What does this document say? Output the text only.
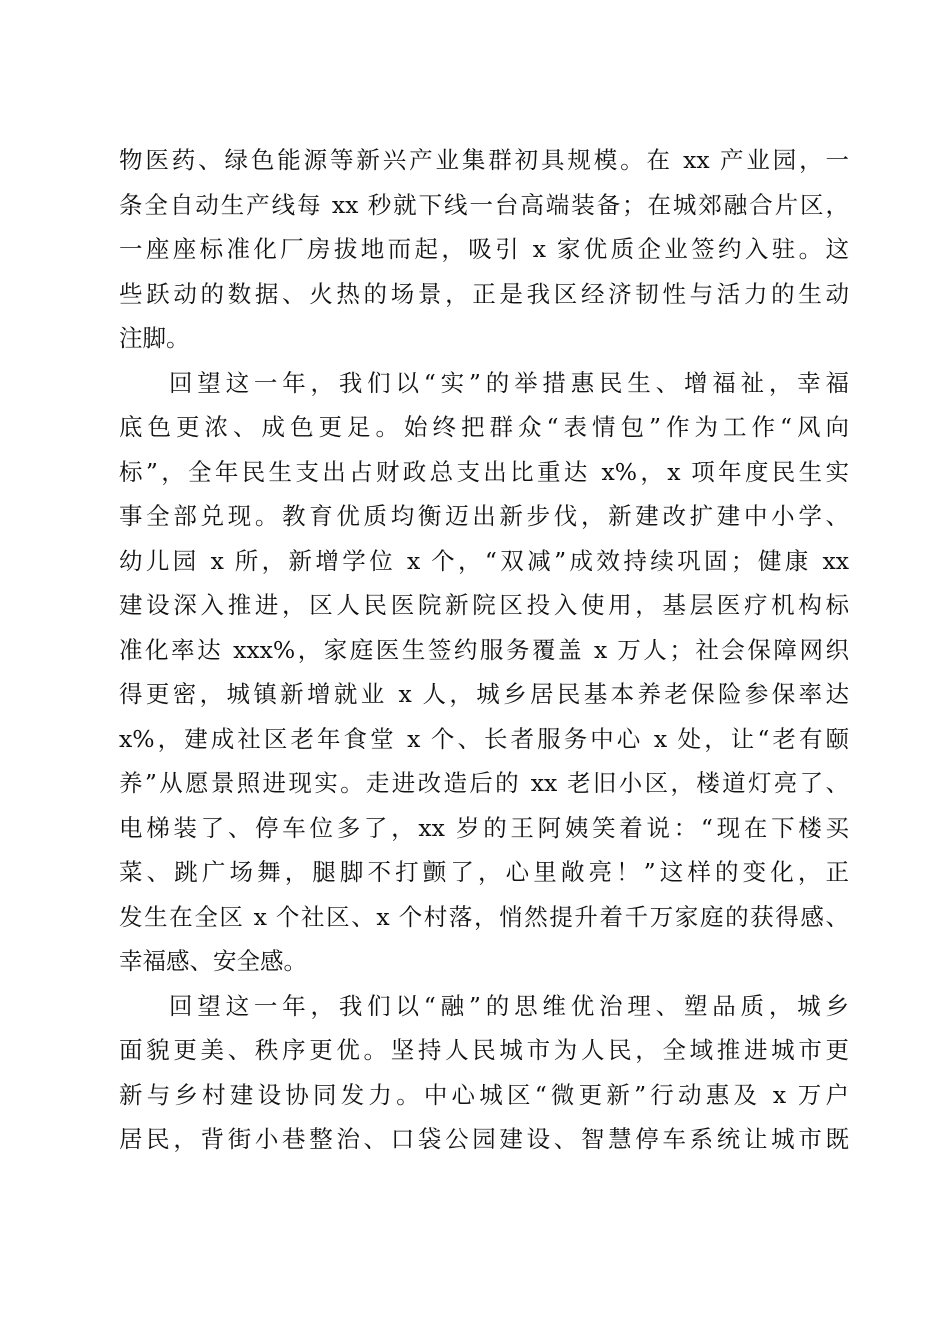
物医药、绿色能源等新兴产业集群初具规模。在 xx 产业园，一
条全自动生产线每 xx 秒就下线一台高端装备；在城郊融合片区，
一座座标准化厂房拔地而起，吸引 x 家优质企业签约入驻。这
些跃动的数据、火热的场景，正是我区经济韧性与活力的生动
注脚。
回望这一年，我们以“实”的举措惠民生、增福祉，幸福
底色更浓、成色更足。始终把群众“表情包”作为工作“风向
标”，全年民生支出占财政总支出比重达 x%，x 项年度民生实
事全部兑现。教育优质均衡迈出新步伐，新建改扩建中小学、
幼儿园 x 所，新增学位 x 个，“双减”成效持续巩固；健康 xx
建设深入推进，区人民医院新院区投入使用，基层医疗机构标
准化率达 xxx%，家庭医生签约服务覆盖 x 万人；社会保障网织
得更密，城镇新增就业 x 人，城乡居民基本养老保险参保率达
x%，建成社区老年食堂 x 个、长者服务中心 x 处，让“老有颐
养”从愿景照进现实。走进改造后的 xx 老旧小区，楼道灯亮了、
电梯装了、停车位多了，xx 岁的王阿姨笑着说：“现在下楼买
菜、跳广场舞，腿脚不打颤了，心里敞亮！”这样的变化，正
发生在全区 x 个社区、x 个村落，悄然提升着千万家庭的获得感、
幸福感、安全感。
回望这一年，我们以“融”的思维优治理、塑品质，城乡
面貌更美、秩序更优。坚持人民城市为人民，全域推进城市更
新与乡村建设协同发力。中心城区“微更新”行动惠及 x 万户
居民，背街小巷整治、口袋公园建设、智慧停车系统让城市既
